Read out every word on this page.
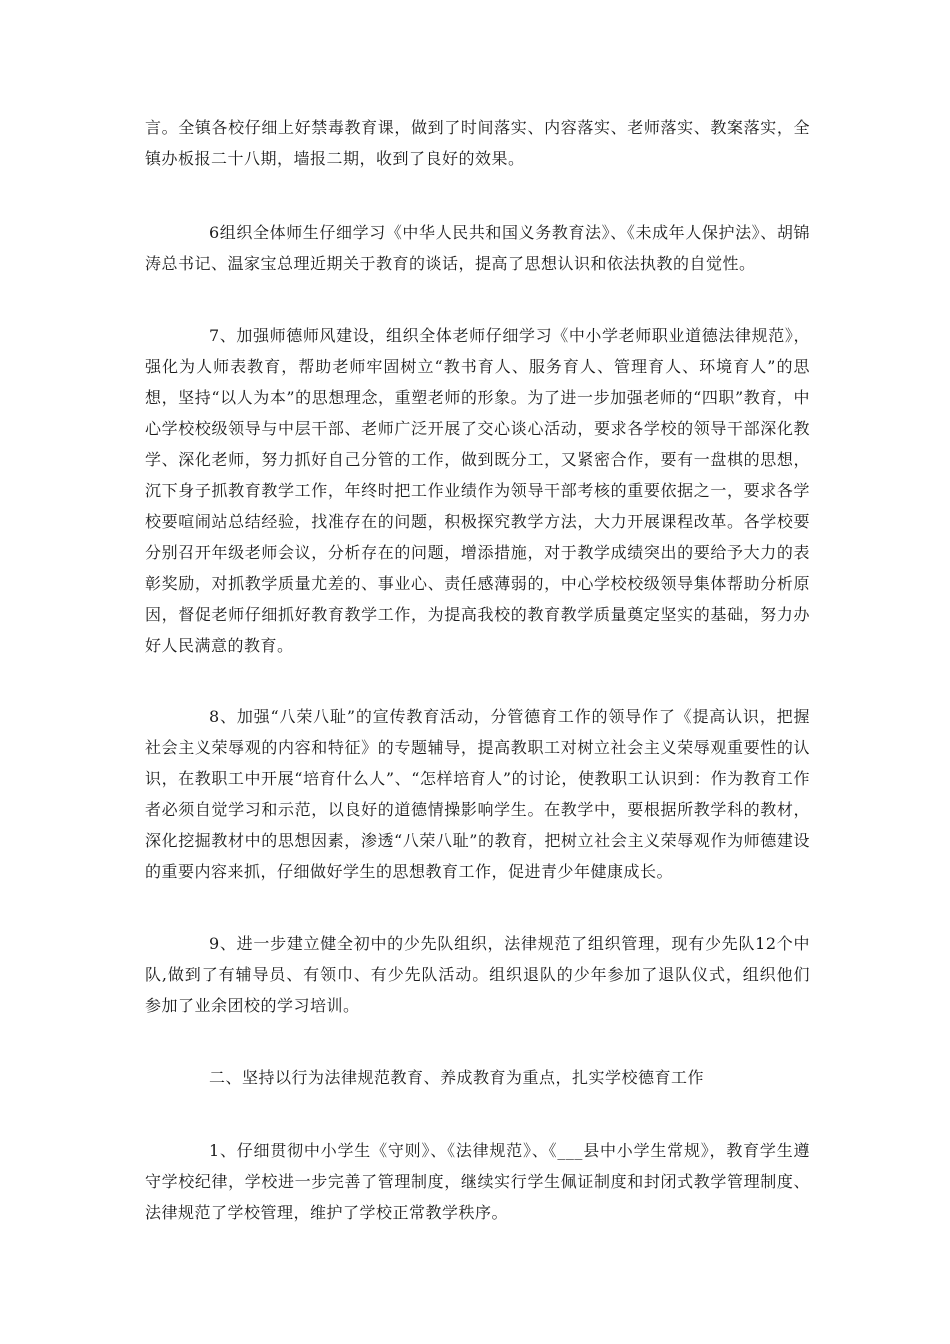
言。全镇各校仔细上好禁毒教育课，做到了时间落实、内容落实、老师落实、教案落实，全镇办板报二十八期，墙报二期，收到了良好的效果。

6组织全体师生仔细学习《中华人民共和国义务教育法》、《未成年人保护法》、胡锦涛总书记、温家宝总理近期关于教育的谈话，提高了思想认识和依法执教的自觉性。

7、加强师德师风建设，组织全体老师仔细学习《中小学老师职业道德法律规范》，强化为人师表教育，帮助老师牢固树立“教书育人、服务育人、管理育人、环境育人”的思想，坚持“以人为本”的思想理念，重塑老师的形象。为了进一步加强老师的“四职”教育，中心学校校级领导与中层干部、老师广泛开展了交心谈心活动，要求各学校的领导干部深化教学、深化老师，努力抓好自己分管的工作，做到既分工，又紧密合作，要有一盘棋的思想，沉下身子抓教育教学工作，年终时把工作业绩作为领导干部考核的重要依据之一，要求各学校要喧闹站总结经验，找准存在的问题，积极探究教学方法，大力开展课程改革。各学校要分别召开年级老师会议，分析存在的问题，增添措施，对于教学成绩突出的要给予大力的表彰奖励，对抓教学质量尤差的、事业心、责任感薄弱的，中心学校校级领导集体帮助分析原因，督促老师仔细抓好教育教学工作，为提高我校的教育教学质量奠定坚实的基础，努力办好人民满意的教育。

8、加强“八荣八耻”的宣传教育活动，分管德育工作的领导作了《提高认识，把握社会主义荣辱观的内容和特征》的专题辅导，提高教职工对树立社会主义荣辱观重要性的认识，在教职工中开展“培育什么人”、“怎样培育人”的讨论，使教职工认识到：作为教育工作者必须自觉学习和示范，以良好的道德情操影响学生。在教学中，要根据所教学科的教材，深化挖掘教材中的思想因素，渗透“八荣八耻”的教育，把树立社会主义荣辱观作为师德建设的重要内容来抓，仔细做好学生的思想教育工作，促进青少年健康成长。

9、进一步建立健全初中的少先队组织，法律规范了组织管理，现有少先队12个中队,做到了有辅导员、有领巾、有少先队活动。组织退队的少年参加了退队仪式，组织他们参加了业余团校的学习培训。

二、坚持以行为法律规范教育、养成教育为重点，扎实学校德育工作

1、仔细贯彻中小学生《守则》、《法律规范》、《___县中小学生常规》，教育学生遵守学校纪律，学校进一步完善了管理制度，继续实行学生佩证制度和封闭式教学管理制度、法律规范了学校管理，维护了学校正常教学秩序。
